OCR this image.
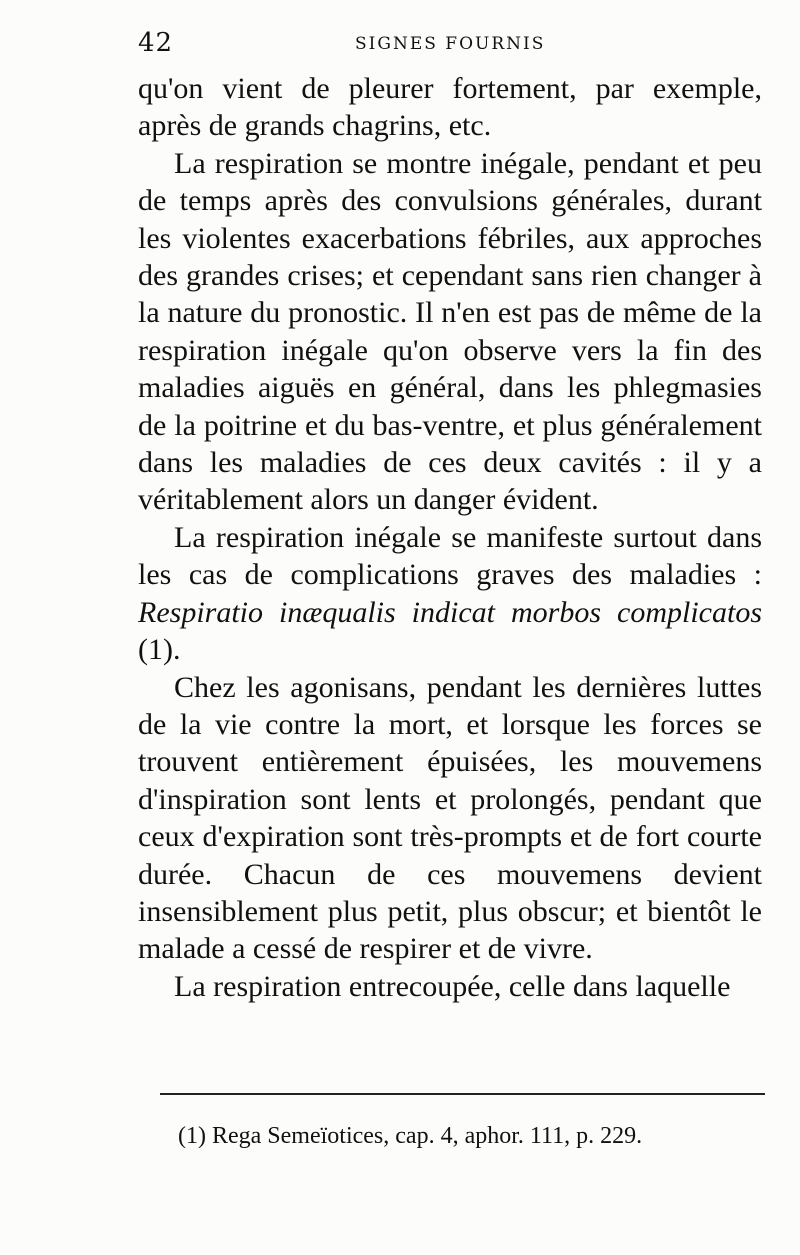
42	SIGNES FOURNIS

qu'on vient de pleurer fortement, par exemple, après de grands chagrins, etc.

La respiration se montre inégale, pendant et peu de temps après des convulsions générales, durant les violentes exacerbations fébriles, aux approches des grandes crises; et cependant sans rien changer à la nature du pronostic. Il n'en est pas de même de la respiration inégale qu'on observe vers la fin des maladies aiguës en général, dans les phlegmasies de la poitrine et du bas-ventre, et plus généralement dans les maladies de ces deux cavités : il y a véritablement alors un danger évident.

La respiration inégale se manifeste surtout dans les cas de complications graves des maladies : Respiratio inæqualis indicat morbos complicatos (1).

Chez les agonisans, pendant les dernières luttes de la vie contre la mort, et lorsque les forces se trouvent entièrement épuisées, les mouvemens d'inspiration sont lents et prolongés, pendant que ceux d'expiration sont très-prompts et de fort courte durée. Chacun de ces mouvemens devient insensiblement plus petit, plus obscur; et bientôt le malade a cessé de respirer et de vivre.

La respiration entrecoupée, celle dans laquelle

(1) Rega Semeïotices, cap. 4, aphor. 111, p. 229.
